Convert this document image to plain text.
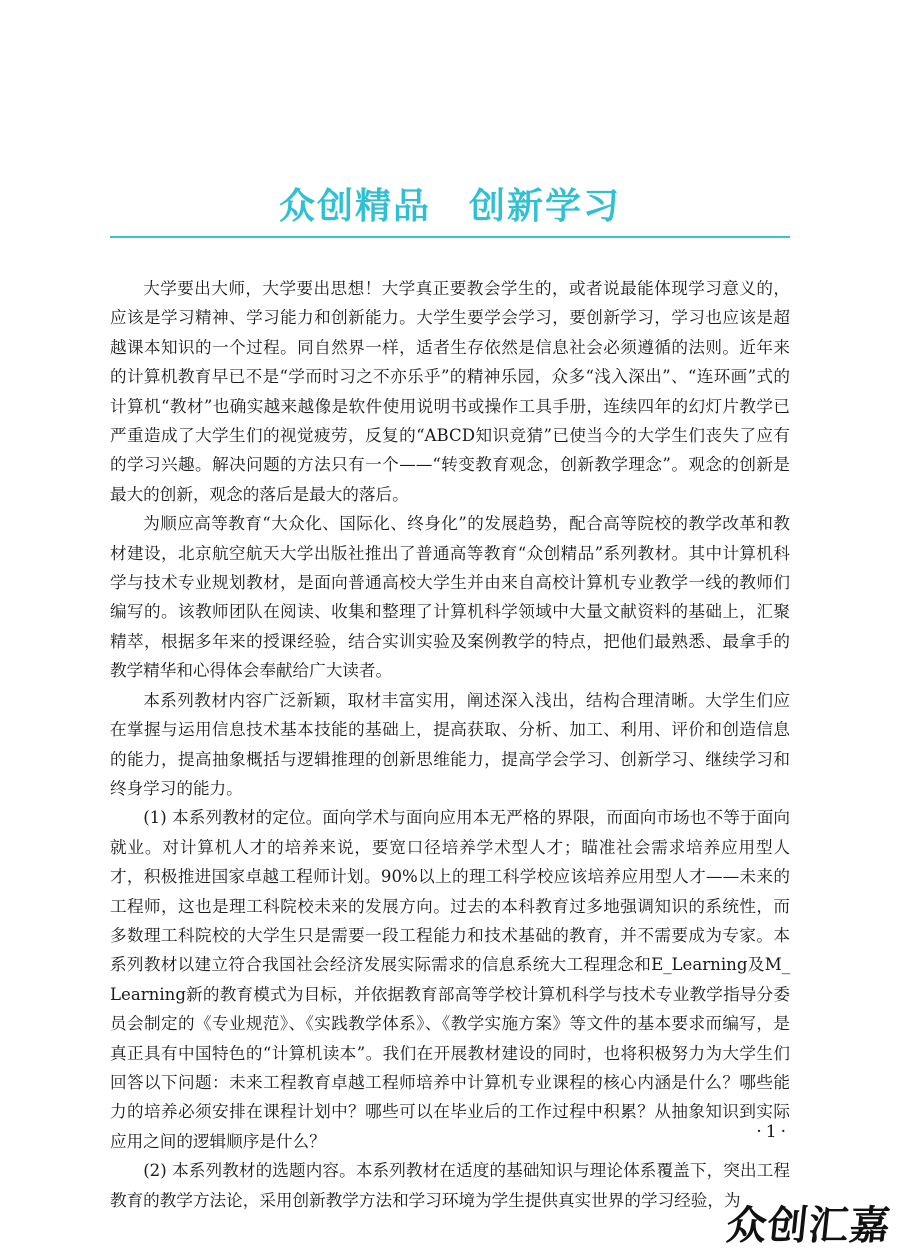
众创精品　创新学习

大学要出大师，大学要出思想！大学真正要教会学生的，或者说最能体现学习意义的，应该是学习精神、学习能力和创新能力。大学生要学会学习，要创新学习，学习也应该是超越课本知识的一个过程。同自然界一样，适者生存依然是信息社会必须遵循的法则。近年来的计算机教育早已不是“学而时习之不亦乐乎”的精神乐园，众多“浅入深出”、“连环画”式的计算机“教材”也确实越来越像是软件使用说明书或操作工具手册，连续四年的幻灯片教学已严重造成了大学生们的视觉疲劳，反复的“ABCD知识竞猜”已使当今的大学生们丧失了应有的学习兴趣。解决问题的方法只有一个——“转变教育观念，创新教学理念”。观念的创新是最大的创新，观念的落后是最大的落后。

为顺应高等教育“大众化、国际化、终身化”的发展趋势，配合高等院校的教学改革和教材建设，北京航空航天大学出版社推出了普通高等教育“众创精品”系列教材。其中计算机科学与技术专业规划教材，是面向普通高校大学生并由来自高校计算机专业教学一线的教师们编写的。该教师团队在阅读、收集和整理了计算机科学领域中大量文献资料的基础上，汇聚精萃，根据多年来的授课经验，结合实训实验及案例教学的特点，把他们最熟悉、最拿手的教学精华和心得体会奉献给广大读者。

本系列教材内容广泛新颖，取材丰富实用，阐述深入浅出，结构合理清晰。大学生们应在掌握与运用信息技术基本技能的基础上，提高获取、分析、加工、利用、评价和创造信息的能力，提高抽象概括与逻辑推理的创新思维能力，提高学会学习、创新学习、继续学习和终身学习的能力。

(1) 本系列教材的定位。面向学术与面向应用本无严格的界限，而面向市场也不等于面向就业。对计算机人才的培养来说，要宽口径培养学术型人才；瞄准社会需求培养应用型人才，积极推进国家卓越工程师计划。90%以上的理工科学校应该培养应用型人才——未来的工程师，这也是理工科院校未来的发展方向。过去的本科教育过多地强调知识的系统性，而多数理工科院校的大学生只是需要一段工程能力和技术基础的教育，并不需要成为专家。本系列教材以建立符合我国社会经济发展实际需求的信息系统大工程理念和E_Learning及M_Learning新的教育模式为目标，并依据教育部高等学校计算机科学与技术专业教学指导分委员会制定的《专业规范》、《实践教学体系》、《教学实施方案》等文件的基本要求而编写，是真正具有中国特色的“计算机读本”。我们在开展教材建设的同时，也将积极努力为大学生们回答以下问题：未来工程教育卓越工程师培养中计算机专业课程的核心内涵是什么？哪些能力的培养必须安排在课程计划中？哪些可以在毕业后的工作过程中积累？从抽象知识到实际应用之间的逻辑顺序是什么？

(2) 本系列教材的选题内容。本系列教材在适度的基础知识与理论体系覆盖下，突出工程教育的教学方法论，采用创新教学方法和学习环境为学生提供真实世界的学习经验，为

·1·

众创汇嘉
